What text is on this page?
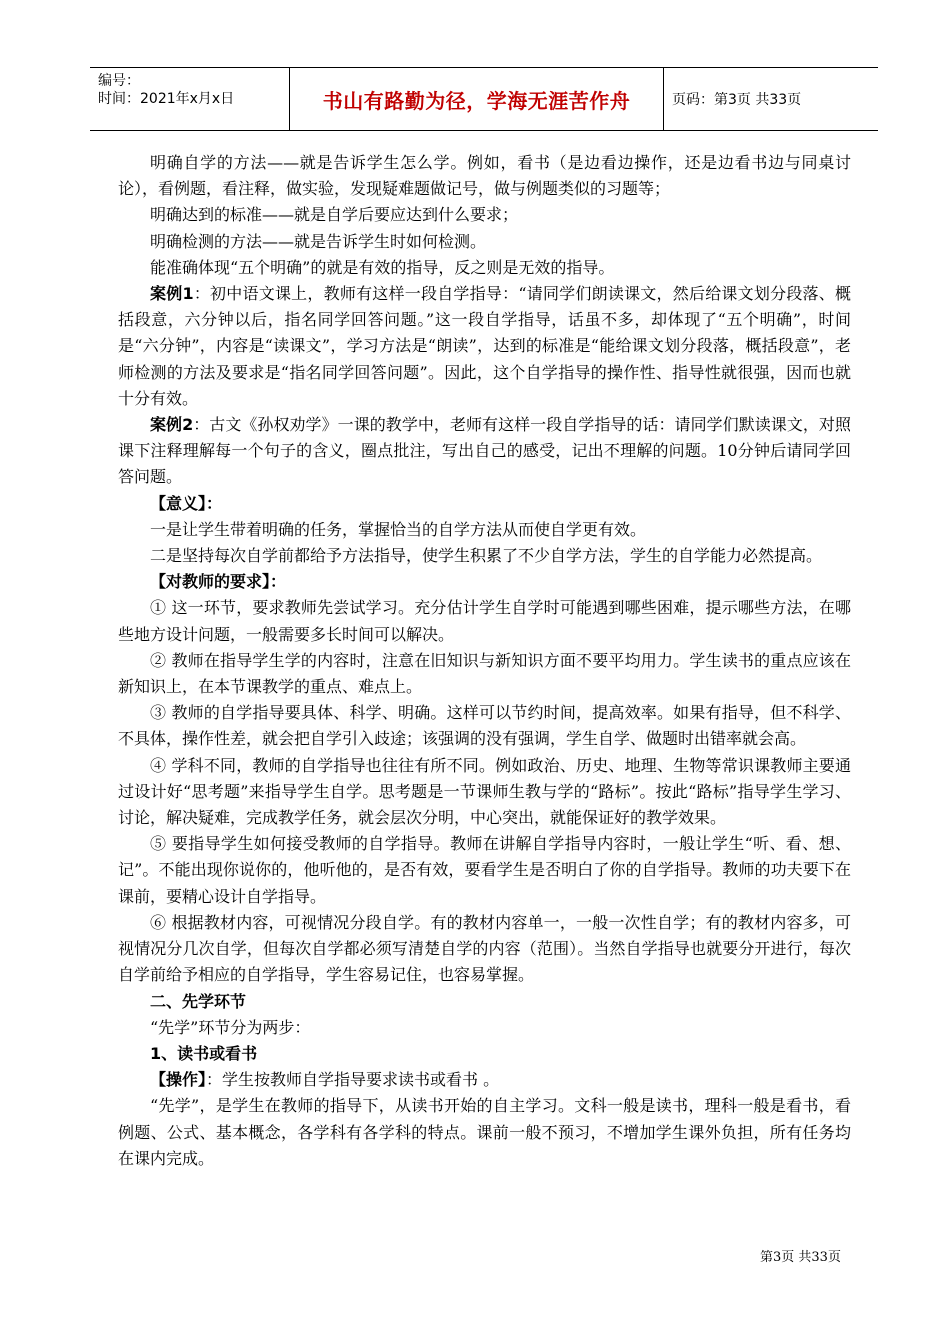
编号：
时间：2021年x月x日	书山有路勤为径，学海无涯苦作舟	页码：第3页 共33页

明确自学的方法——就是告诉学生怎么学。例如，看书（是边看边操作，还是边看书边与同桌讨论），看例题，看注释，做实验，发现疑难题做记号，做与例题类似的习题等；

明确达到的标准——就是自学后要应达到什么要求；

明确检测的方法——就是告诉学生时如何检测。

能准确体现“五个明确”的就是有效的指导，反之则是无效的指导。

案例1：初中语文课上，教师有这样一段自学指导：“请同学们朗读课文，然后给课文划分段落、概括段意，六分钟以后，指名同学回答问题。”这一段自学指导，话虽不多，却体现了“五个明确”，时间是“六分钟”，内容是“读课文”，学习方法是“朗读”，达到的标准是“能给课文划分段落，概括段意”，老师检测的方法及要求是“指名同学回答问题”。因此，这个自学指导的操作性、指导性就很强，因而也就十分有效。

案例2：古文《孙权劝学》一课的教学中，老师有这样一段自学指导的话：请同学们默读课文，对照课下注释理解每一个句子的含义，圈点批注，写出自己的感受，记出不理解的问题。10分钟后请同学回答问题。

【意义】：

一是让学生带着明确的任务，掌握恰当的自学方法从而使自学更有效。

二是坚持每次自学前都给予方法指导，使学生积累了不少自学方法，学生的自学能力必然提高。

【对教师的要求】：

① 这一环节，要求教师先尝试学习。充分估计学生自学时可能遇到哪些困难，提示哪些方法，在哪些地方设计问题，一般需要多长时间可以解决。

② 教师在指导学生学的内容时，注意在旧知识与新知识方面不要平均用力。学生读书的重点应该在新知识上，在本节课教学的重点、难点上。

③ 教师的自学指导要具体、科学、明确。这样可以节约时间，提高效率。如果有指导，但不科学、不具体，操作性差，就会把自学引入歧途；该强调的没有强调，学生自学、做题时出错率就会高。

④ 学科不同，教师的自学指导也往往有所不同。例如政治、历史、地理、生物等常识课教师主要通过设计好“思考题”来指导学生自学。思考题是一节课师生教与学的“路标”。按此“路标”指导学生学习、讨论，解决疑难，完成教学任务，就会层次分明，中心突出，就能保证好的教学效果。

⑤ 要指导学生如何接受教师的自学指导。教师在讲解自学指导内容时，一般让学生“听、看、想、记”。不能出现你说你的，他听他的，是否有效，要看学生是否明白了你的自学指导。教师的功夫要下在课前，要精心设计自学指导。

⑥ 根据教材内容，可视情况分段自学。有的教材内容单一，一般一次性自学；有的教材内容多，可视情况分几次自学，但每次自学都必须写清楚自学的内容（范围）。当然自学指导也就要分开进行，每次自学前给予相应的自学指导，学生容易记住，也容易掌握。

二、先学环节

“先学”环节分为两步：

1、读书或看书

【操作】：学生按教师自学指导要求读书或看书 。

“先学”，是学生在教师的指导下，从读书开始的自主学习。文科一般是读书，理科一般是看书，看例题、公式、基本概念，各学科有各学科的特点。课前一般不预习，不增加学生课外负担，所有任务均在课内完成。

第3页 共33页
